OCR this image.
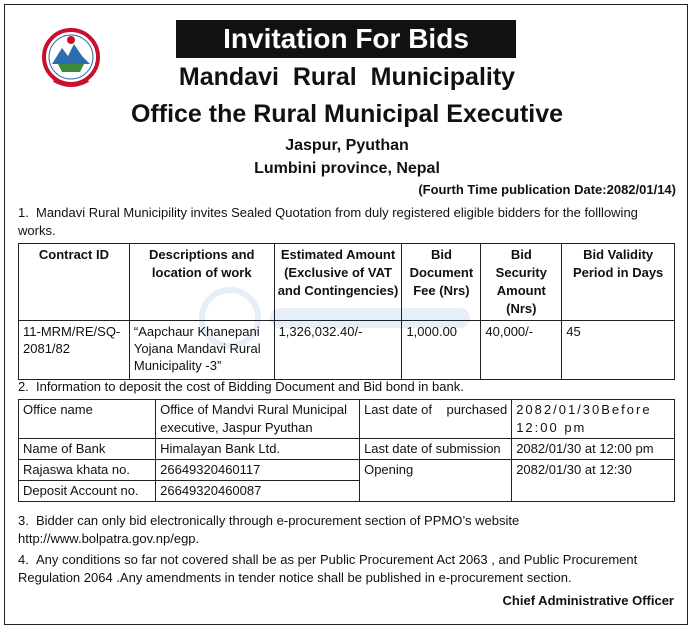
Invitation For Bids
Mandavi  Rural  Municipality
Office the Rural Municipal Executive
Jaspur, Pyuthan
Lumbini province, Nepal
(Fourth Time publication Date:2082/01/14)
1. Mandavi Rural Municipility invites Sealed Quotation from duly registered eligible bidders for the folllowing works.
Contract ID	Descriptions and location of work	Estimated Amount (Exclusive of VAT and Contingencies)	Bid Document Fee (Nrs)	Bid Security Amount (Nrs)	Bid Validity Period in Days
11-MRM/RE/SQ-2081/82	“Aapchaur Khanepani Yojana Mandavi Rural Municipality -3”	1,326,032.40/-	1,000.00	40,000/-	45
2. Information to deposit the cost of Bidding Document and Bid bond in bank.
Office name	Office of Mandvi Rural Municipal executive, Jaspur Pyuthan	Last date of    purchased	2082/01/30Before 12:00 pm
Name of Bank	Himalayan Bank Ltd.	Last date of submission	2082/01/30 at 12:00 pm
Rajaswa khata no.	26649320460117	Opening	2082/01/30 at 12:30
Deposit Account no.	26649320460087		
3. Bidder can only bid electronically through e-procurement section of PPMO’s website http://www.bolpatra.gov.np/egp.
4. Any conditions so far not covered shall be as per Public Procurement Act 2063 , and Public Procurement Regulation 2064 .Any amendments in tender notice shall be published in e-procurement section.
Chief Administrative Officer
